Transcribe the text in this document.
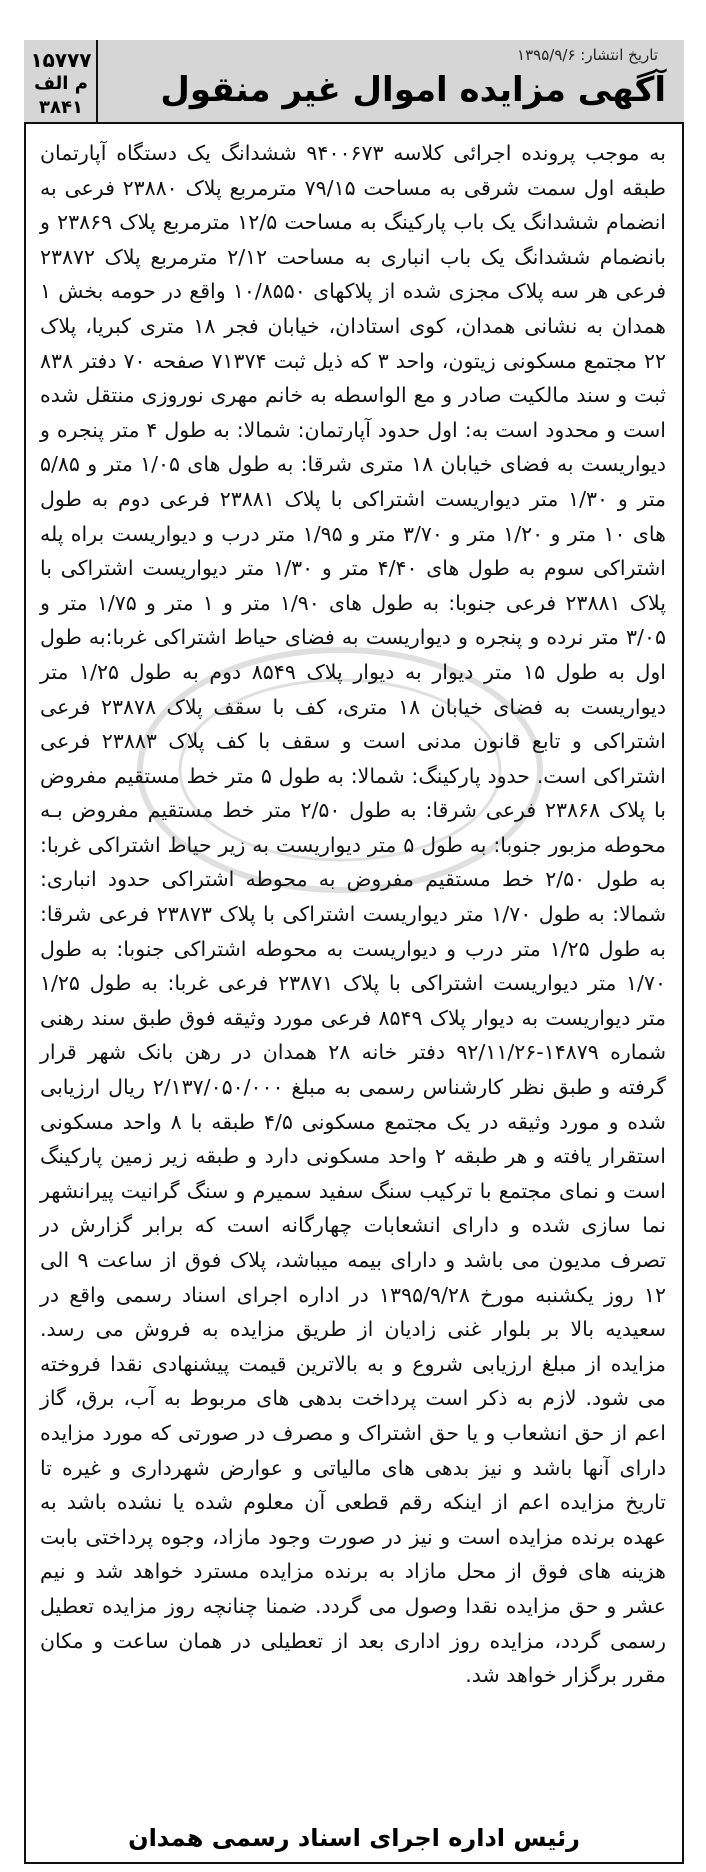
۱۵۷۷۷
م الف
۳۸۴۱
تاریخ انتشار: ۱۳۹۵/۹/۶
آگهی مزایده اموال غیر منقول
به موجب پرونده اجرائی کلاسه ۹۴۰۰۶۷۳ ششدانگ یک دستگاه آپارتمان طبقه اول سمت شرقی به مساحت ۷۹/۱۵ مترمربع پلاک ۲۳۸۸۰ فرعی به انضمام ششدانگ یک باب پارکینگ به مساحت ۱۲/۵ مترمربع پلاک ۲۳۸۶۹ و بانضمام ششدانگ یک باب انباری به مساحت ۲/۱۲ مترمربع پلاک ۲۳۸۷۲ فرعی هر سه پلاک مجزی شده از پلاکهای ۱۰/۸۵۵۰ واقع در حومه بخش ۱ همدان به نشانی همدان، کوی استادان، خیابان فجر ۱۸ متری کبریا، پلاک ۲۲ مجتمع مسکونی زیتون، واحد ۳ که ذیل ثبت ۷۱۳۷۴ صفحه ۷۰ دفتر ۸۳۸ ثبت و سند مالکیت صادر و مع الواسطه به خانم مهری نوروزی منتقل شده است و محدود است به: اول حدود آپارتمان: شمالا: به طول ۴ متر پنجره و دیواریست به فضای خیابان ۱۸ متری شرقا: به طول های ۱/۰۵ متر و ۵/۸۵ متر و ۱/۳۰ متر دیواریست اشتراکی با پلاک ۲۳۸۸۱ فرعی دوم به طول های ۱۰ متر و ۱/۲۰ متر و ۳/۷۰ متر و ۱/۹۵ متر درب و دیواریست براه پله اشتراکی سوم به طول های ۴/۴۰ متر و ۱/۳۰ متر دیواریست اشتراکی با پلاک ۲۳۸۸۱ فرعی جنوبا: به طول های ۱/۹۰ متر و ۱ متر و ۱/۷۵ متر و ۳/۰۵ متر نرده و پنجره و دیواریست به فضای حیاط اشتراکی غربا:به طول اول به طول ۱۵ متر دیوار به دیوار پلاک ۸۵۴۹ دوم به طول ۱/۲۵ متر دیواریست به فضای خیابان ۱۸ متری، کف با سقف پلاک ۲۳۸۷۸ فرعی اشتراکی و تابع قانون مدنی است و سقف با کف پلاک ۲۳۸۸۳ فرعی اشتراکی است. حدود پارکینگ: شمالا: به طول ۵ متر خط مستقیم مفروض با پلاک ۲۳۸۶۸ فرعی شرقا: به طول ۲/۵۰ متر خط مستقیم مفروض بـه محوطه مزبور جنوبا: به طول ۵ متر دیواریست به زیر حیاط اشتراکی غربا: به طول ۲/۵۰ خط مستقیم مفروض به محوطه اشتراکی حدود انباری: شمالا: به طول ۱/۷۰ متر دیواریست اشتراکی با پلاک ۲۳۸۷۳ فرعی شرقا: به طول ۱/۲۵ متر درب و دیواریست به محوطه اشتراکی جنوبا: به طول ۱/۷۰ متر دیواریست اشتراکی با پلاک ۲۳۸۷۱ فرعی غربا: به طول ۱/۲۵ متر دیواریست به دیوار پلاک ۸۵۴۹ فرعی مورد وثیقه فوق طبق سند رهنی شماره ۱۴۸۷۹-۹۲/۱۱/۲۶ دفتر خانه ۲۸ همدان در رهن بانک شهر قرار گرفته و طبق نظر کارشناس رسمی به مبلغ ۲/۱۳۷/۰۵۰/۰۰۰ ریال ارزیابی شده و مورد وثیقه در یک مجتمع مسکونی ۴/۵ طبقه با ۸ واحد مسکونی استقرار یافته و هر طبقه ۲ واحد مسکونی دارد و طبقه زیر زمین پارکینگ است و نمای مجتمع با ترکیب سنگ سفید سمیرم و سنگ گرانیت پیرانشهر نما سازی شده و دارای انشعابات چهارگانه است که برابر گزارش در تصرف مدیون می باشد و دارای بیمه میباشد، پلاک فوق از ساعت ۹ الی ۱۲ روز یکشنبه مورخ ۱۳۹۵/۹/۲۸ در اداره اجرای اسناد رسمی واقع در سعیدیه بالا بر بلوار غنی زادیان از طریق مزایده به فروش می رسد. مزایده از مبلغ ارزیابی شروع و به بالاترین قیمت پیشنهادی نقدا فروخته می شود. لازم به ذکر است پرداخت بدهی های مربوط به آب، برق، گاز اعم از حق انشعاب و یا حق اشتراک و مصرف در صورتی که مورد مزایده دارای آنها باشد و نیز بدهی های مالیاتی و عوارض شهرداری و غیره تا تاریخ مزایده اعم از اینکه رقم قطعی آن معلوم شده یا نشده باشد به عهده برنده مزایده است و نیز در صورت وجود مازاد، وجوه پرداختی بابت هزینه های فوق از محل مازاد به برنده مزایده مسترد خواهد شد و نیم عشر و حق مزایده نقدا وصول می گردد. ضمنا چنانچه روز مزایده تعطیل رسمی گردد، مزایده روز اداری بعد از تعطیلی در همان ساعت و مکان مقرر برگزار خواهد شد.
رئیس اداره اجرای اسناد رسمی همدان
